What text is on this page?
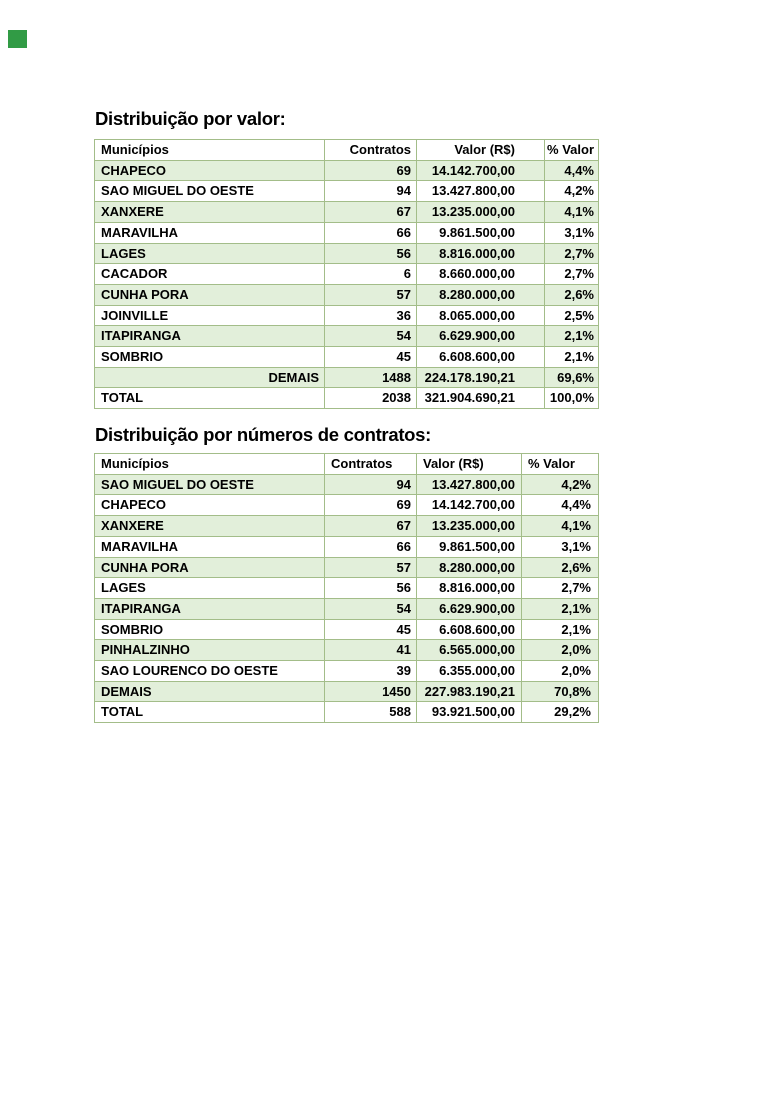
Distribuição por valor:
Municípios	Contratos	Valor (R$)	% Valor
CHAPECO	69	14.142.700,00	4,4%
SAO MIGUEL DO OESTE	94	13.427.800,00	4,2%
XANXERE	67	13.235.000,00	4,1%
MARAVILHA	66	9.861.500,00	3,1%
LAGES	56	8.816.000,00	2,7%
CACADOR	6	8.660.000,00	2,7%
CUNHA PORA	57	8.280.000,00	2,6%
JOINVILLE	36	8.065.000,00	2,5%
ITAPIRANGA	54	6.629.900,00	2,1%
SOMBRIO	45	6.608.600,00	2,1%
DEMAIS	1488	224.178.190,21	69,6%
TOTAL	2038	321.904.690,21	100,0%
Distribuição por números de contratos:
Municípios	Contratos	Valor (R$)	% Valor
SAO MIGUEL DO OESTE	94	13.427.800,00	4,2%
CHAPECO	69	14.142.700,00	4,4%
XANXERE	67	13.235.000,00	4,1%
MARAVILHA	66	9.861.500,00	3,1%
CUNHA PORA	57	8.280.000,00	2,6%
LAGES	56	8.816.000,00	2,7%
ITAPIRANGA	54	6.629.900,00	2,1%
SOMBRIO	45	6.608.600,00	2,1%
PINHALZINHO	41	6.565.000,00	2,0%
SAO LOURENCO DO OESTE	39	6.355.000,00	2,0%
DEMAIS	1450	227.983.190,21	70,8%
TOTAL	588	93.921.500,00	29,2%
